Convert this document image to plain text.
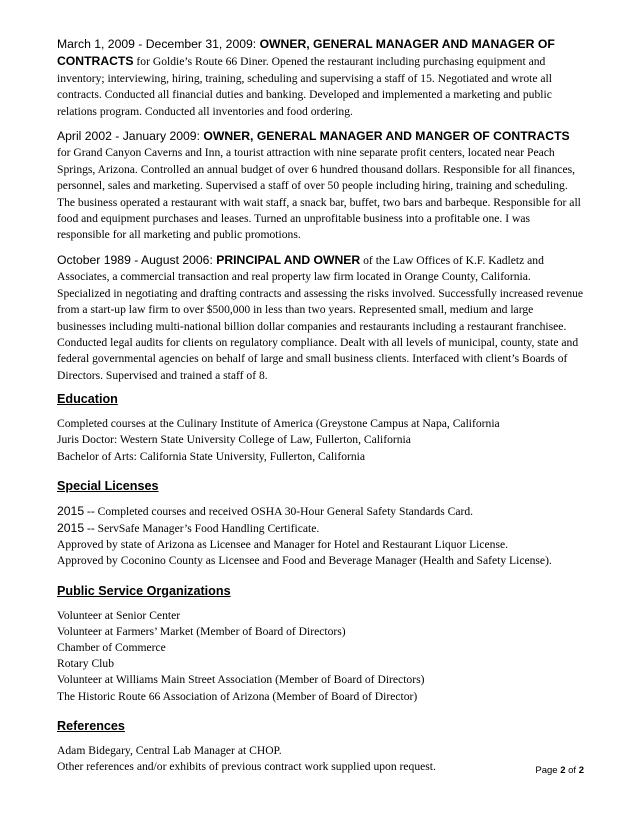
March 1, 2009 - December 31, 2009: OWNER, GENERAL MANAGER AND MANAGER OF CONTRACTS for Goldie’s Route 66 Diner. Opened the restaurant including purchasing equipment and inventory; interviewing, hiring, training, scheduling and supervising a staff of 15. Negotiated and wrote all contracts. Conducted all financial duties and banking. Developed and implemented a marketing and public relations program. Conducted all inventories and food ordering.

April 2002 - January 2009: OWNER, GENERAL MANAGER AND MANGER OF CONTRACTS for Grand Canyon Caverns and Inn, a tourist attraction with nine separate profit centers, located near Peach Springs, Arizona. Controlled an annual budget of over 6 hundred thousand dollars. Responsible for all finances, personnel, sales and marketing. Supervised a staff of over 50 people including hiring, training and scheduling. The business operated a restaurant with wait staff, a snack bar, buffet, two bars and barbeque. Responsible for all food and equipment purchases and leases. Turned an unprofitable business into a profitable one. I was responsible for all marketing and public promotions.

October 1989 - August 2006: PRINCIPAL AND OWNER of the Law Offices of K.F. Kadletz and Associates, a commercial transaction and real property law firm located in Orange County, California. Specialized in negotiating and drafting contracts and assessing the risks involved. Successfully increased revenue from a start-up law firm to over $500,000 in less than two years. Represented small, medium and large businesses including multi-national billion dollar companies and restaurants including a restaurant franchisee. Conducted legal audits for clients on regulatory compliance. Dealt with all levels of municipal, county, state and federal governmental agencies on behalf of large and small business clients. Interfaced with client’s Boards of Directors. Supervised and trained a staff of 8.

Education
Completed courses at the Culinary Institute of America (Greystone Campus at Napa, California
Juris Doctor: Western State University College of Law, Fullerton, California
Bachelor of Arts: California State University, Fullerton, California
Special Licenses
2015 -- Completed courses and received OSHA 30-Hour General Safety Standards Card.
2015 -- ServSafe Manager’s Food Handling Certificate.
Approved by state of Arizona as Licensee and Manager for Hotel and Restaurant Liquor License.
Approved by Coconino County as Licensee and Food and Beverage Manager (Health and Safety License).
Public Service Organizations
Volunteer at Senior Center
Volunteer at Farmers’ Market (Member of Board of Directors)
Chamber of Commerce
Rotary Club
Volunteer at Williams Main Street Association (Member of Board of Directors)
The Historic Route 66 Association of Arizona (Member of Board of Director)
References
Adam Bidegary, Central Lab Manager at CHOP.
Other references and/or exhibits of previous contract work supplied upon request.	Page 2 of 2
